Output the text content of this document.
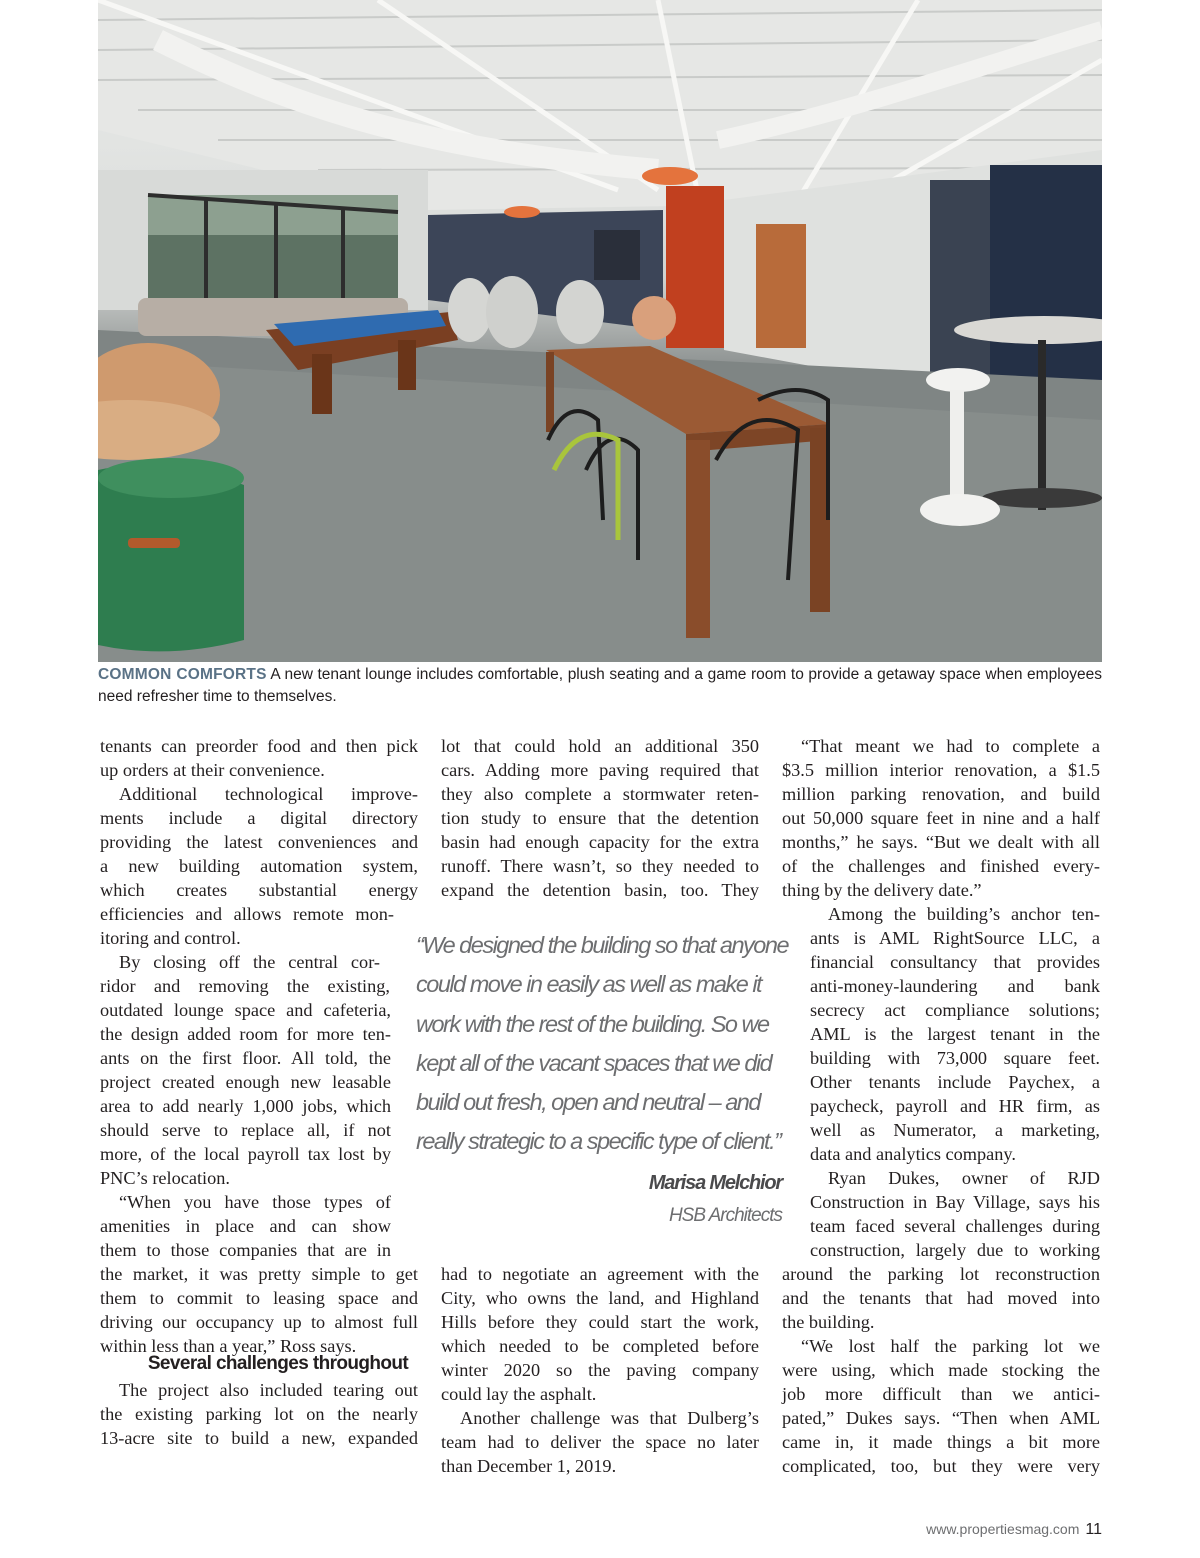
COMMON COMFORTS A new tenant lounge includes comfortable, plush seating and a game room to provide a getaway space when employees need refresher time to themselves.

tenants can preorder food and then pick

up orders at their convenience.

Additional technological improve-

ments include a digital directory

providing the latest conveniences and

a new building automation system,

which creates substantial energy

efficiencies and allows remote mon-

itoring and control.

By closing off the central cor-

ridor and removing the existing,

outdated lounge space and cafeteria,

the design added room for more ten-

ants on the first floor. All told, the

project created enough new leasable

area to add nearly 1,000 jobs, which

should serve to replace all, if not

more, of the local payroll tax lost by

PNC’s relocation.

“When you have those types of

amenities in place and can show

them to those companies that are in

the market, it was pretty simple to get

them to commit to leasing space and

driving our occupancy up to almost full

within less than a year,” Ross says.

Several challenges throughout

The project also included tearing out

the existing parking lot on the nearly

13-acre site to build a new, expanded

lot that could hold an additional 350

cars. Adding more paving required that

they also complete a stormwater reten-

tion study to ensure that the detention

basin had enough capacity for the extra

runoff. There wasn’t, so they needed to

expand the detention basin, too. They

“We designed the building so that anyone
could move in easily as well as make it
work with the rest of the building. So we
kept all of the vacant spaces that we did
build out fresh, open and neutral – and
really strategic to a specific type of client.”
Marisa Melchior
HSB Architects

had to negotiate an agreement with the

City, who owns the land, and Highland

Hills before they could start the work,

which needed to be completed before

winter 2020 so the paving company

could lay the asphalt.

Another challenge was that Dulberg’s

team had to deliver the space no later

than December 1, 2019.

“That meant we had to complete a

$3.5 million interior renovation, a $1.5

million parking renovation, and build

out 50,000 square feet in nine and a half

months,” he says. “But we dealt with all

of the challenges and finished every-

thing by the delivery date.”

Among the building’s anchor ten-

ants is AML RightSource LLC, a

financial consultancy that provides

anti-money-laundering and bank

secrecy act compliance solutions;

AML is the largest tenant in the

building with 73,000 square feet.

Other tenants include Paychex, a

paycheck, payroll and HR firm, as

well as Numerator, a marketing,

data and analytics company.

Ryan Dukes, owner of RJD

Construction in Bay Village, says his

team faced several challenges during

construction, largely due to working

around the parking lot reconstruction

and the tenants that had moved into

the building.

“We lost half the parking lot we

were using, which made stocking the

job more difficult than we antici-

pated,” Dukes says. “Then when AML

came in, it made things a bit more

complicated, too, but they were very

www.propertiesmag.com 11
